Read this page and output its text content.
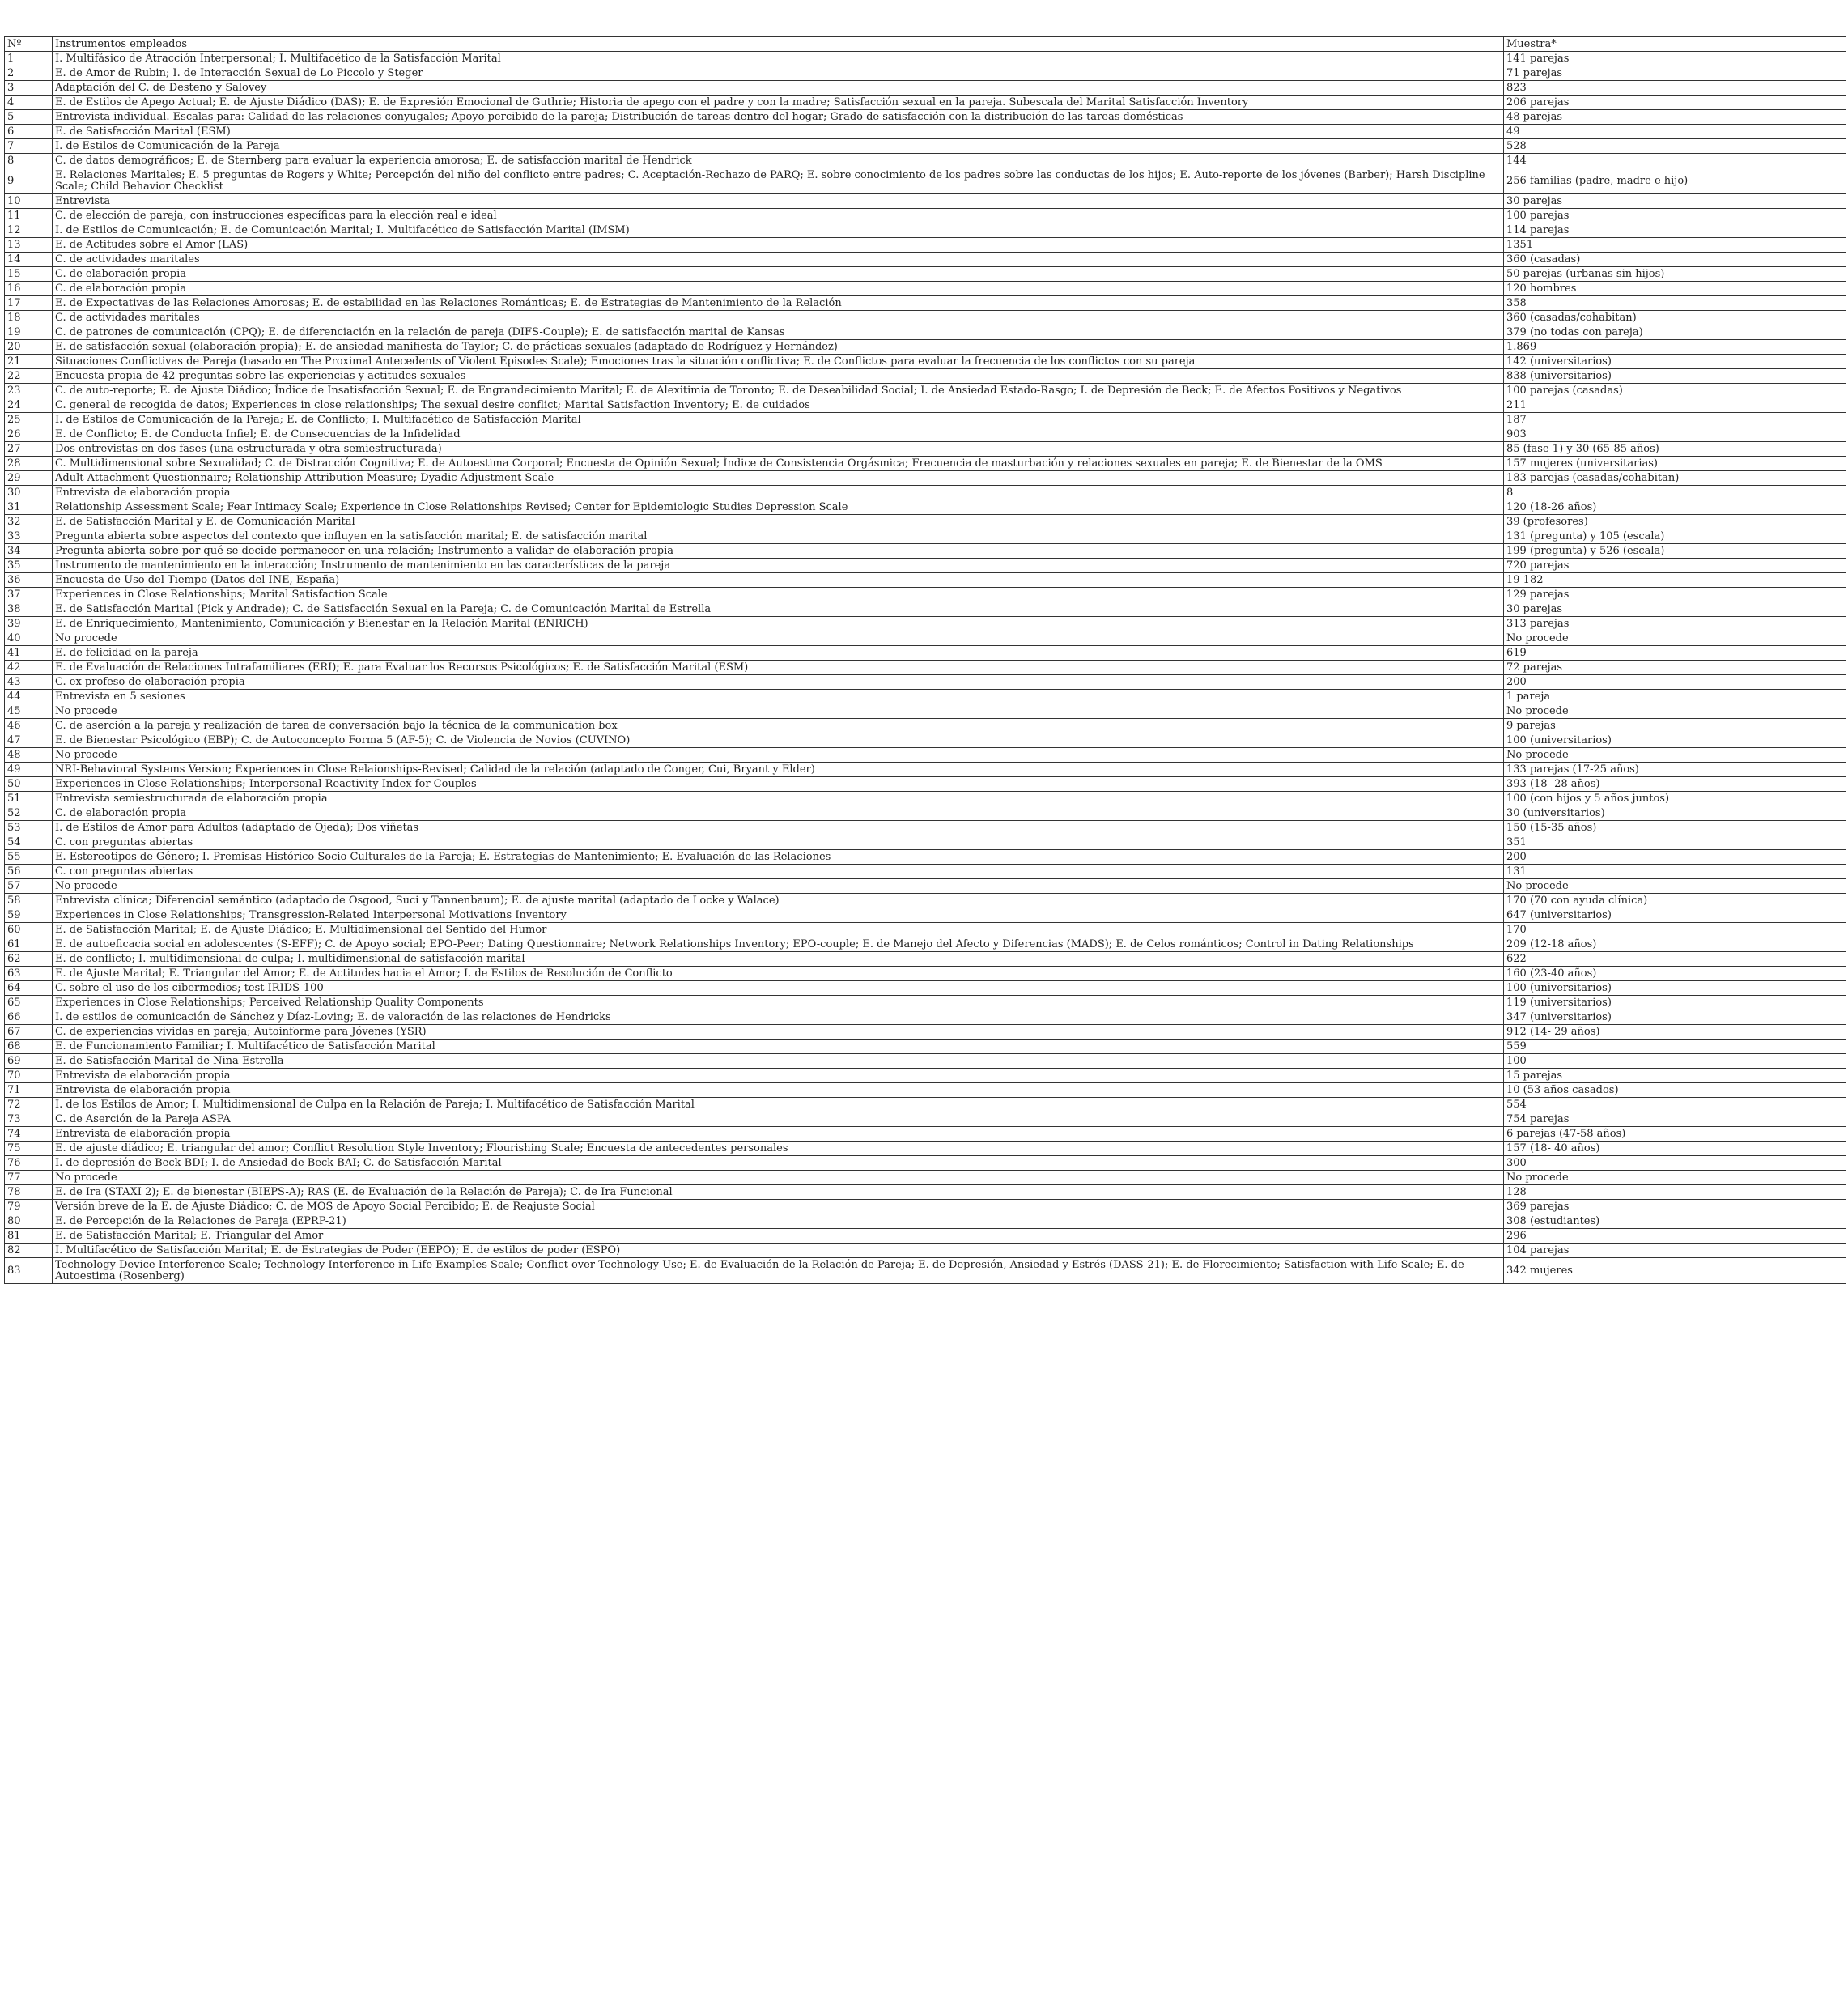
Nº	Instrumentos empleados	Muestra*
1	I. Multifásico de Atracción Interpersonal; I. Multifacético de la Satisfacción Marital	141 parejas
2	E. de Amor de Rubin; I. de Interacción Sexual de Lo Piccolo y Steger	71 parejas
3	Adaptación del C. de Desteno y Salovey	823
4	E. de Estilos de Apego Actual; E. de Ajuste Diádico (DAS); E. de Expresión Emocional de Guthrie; Historia de apego con el padre y con la madre; Satisfacción sexual en la pareja. Subescala del Marital Satisfacción Inventory	206 parejas
5	Entrevista individual. Escalas para: Calidad de las relaciones conyugales; Apoyo percibido de la pareja; Distribución de tareas dentro del hogar; Grado de satisfacción con la distribución de las tareas domésticas	48 parejas
6	E. de Satisfacción Marital (ESM)	49
7	I. de Estilos de Comunicación de la Pareja	528
8	C. de datos demográficos; E. de Sternberg para evaluar la experiencia amorosa; E. de satisfacción marital de Hendrick	144
9	E. Relaciones Maritales; E. 5 preguntas de Rogers y White; Percepción del niño del conflicto entre padres; C. Aceptación-Rechazo de PARQ; E. sobre conocimiento de los padres sobre las conductas de los hijos; E. Auto-reporte de los jóvenes (Barber); Harsh Discipline Scale; Child Behavior Checklist	256 familias (padre, madre e hijo)
10	Entrevista	30 parejas
11	C. de elección de pareja, con instrucciones específicas para la elección real e ideal	100 parejas
12	I. de Estilos de Comunicación; E. de Comunicación Marital; I. Multifacético de Satisfacción Marital (IMSM)	114 parejas
13	E. de Actitudes sobre el Amor (LAS)	1351
14	C. de actividades maritales	360 (casadas)
15	C. de elaboración propia	50 parejas (urbanas sin hijos)
16	C. de elaboración propia	120 hombres
17	E. de Expectativas de las Relaciones Amorosas; E. de estabilidad en las Relaciones Románticas; E. de Estrategias de Mantenimiento de la Relación	358
18	C. de actividades maritales	360 (casadas/cohabitan)
19	C. de patrones de comunicación (CPQ); E. de diferenciación en la relación de pareja (DIFS-Couple); E. de satisfacción marital de Kansas	379 (no todas con pareja)
20	E. de satisfacción sexual (elaboración propia); E. de ansiedad manifiesta de Taylor; C. de prácticas sexuales (adaptado de Rodríguez y Hernández)	1.869
21	Situaciones Conflictivas de Pareja (basado en The Proximal Antecedents of Violent Episodes Scale); Emociones tras la situación conflictiva; E. de Conflictos para evaluar la frecuencia de los conflictos con su pareja	142 (universitarios)
22	Encuesta propia de 42 preguntas sobre las experiencias y actitudes sexuales	838 (universitarios)
23	C. de auto-reporte; E. de Ajuste Diádico; Índice de Insatisfacción Sexual; E. de Engrandecimiento Marital; E. de Alexitimia de Toronto; E. de Deseabilidad Social; I. de Ansiedad Estado-Rasgo; I. de Depresión de Beck; E. de Afectos Positivos y Negativos	100 parejas (casadas)
24	C. general de recogida de datos; Experiences in close relationships; The sexual desire conflict; Marital Satisfaction Inventory; E. de cuidados	211
25	I. de Estilos de Comunicación de la Pareja; E. de Conflicto; I. Multifacético de Satisfacción Marital	187
26	E. de Conflicto; E. de Conducta Infiel; E. de Consecuencias de la Infidelidad	903
27	Dos entrevistas en dos fases (una estructurada y otra semiestructurada)	85 (fase 1) y 30 (65-85 años)
28	C. Multidimensional sobre Sexualidad; C. de Distracción Cognitiva; E. de Autoestima Corporal; Encuesta de Opinión Sexual; Índice de Consistencia Orgásmica; Frecuencia de masturbación y relaciones sexuales en pareja; E. de Bienestar de la OMS	157 mujeres (universitarias)
29	Adult Attachment Questionnaire; Relationship Attribution Measure; Dyadic Adjustment Scale	183 parejas (casadas/cohabitan)
30	Entrevista de elaboración propia	8
31	Relationship Assessment Scale; Fear Intimacy Scale; Experience in Close Relationships Revised; Center for Epidemiologic Studies Depression Scale	120 (18-26 años)
32	E. de Satisfacción Marital y E. de Comunicación Marital	39 (profesores)
33	Pregunta abierta sobre aspectos del contexto que influyen en la satisfacción marital; E. de satisfacción marital	131 (pregunta) y 105 (escala)
34	Pregunta abierta sobre por qué se decide permanecer en una relación; Instrumento a validar de elaboración propia	199 (pregunta) y 526 (escala)
35	Instrumento de mantenimiento en la interacción; Instrumento de mantenimiento en las características de la pareja	720 parejas
36	Encuesta de Uso del Tiempo (Datos del INE, España)	19 182
37	Experiences in Close Relationships; Marital Satisfaction Scale	129 parejas
38	E. de Satisfacción Marital (Pick y Andrade); C. de Satisfacción Sexual en la Pareja; C. de Comunicación Marital de Estrella	30 parejas
39	E. de Enriquecimiento, Mantenimiento, Comunicación y Bienestar en la Relación Marital (ENRICH)	313 parejas
40	No procede	No procede
41	E. de felicidad en la pareja	619
42	E. de Evaluación de Relaciones Intrafamiliares (ERI); E. para Evaluar los Recursos Psicológicos; E. de Satisfacción Marital (ESM)	72 parejas
43	C. ex profeso de elaboración propia	200
44	Entrevista en 5 sesiones	1 pareja
45	No procede	No procede
46	C. de aserción a la pareja y realización de tarea de conversación bajo la técnica de la communication box	9 parejas
47	E. de Bienestar Psicológico (EBP); C. de Autoconcepto Forma 5 (AF-5); C. de Violencia de Novios (CUVINO)	100 (universitarios)
48	No procede	No procede
49	NRI-Behavioral Systems Version; Experiences in Close Relaionships-Revised; Calidad de la relación (adaptado de Conger, Cui, Bryant y Elder)	133 parejas (17-25 años)
50	Experiences in Close Relationships; Interpersonal Reactivity Index for Couples	393 (18- 28 años)
51	Entrevista semiestructurada de elaboración propia	100 (con hijos y 5 años juntos)
52	C. de elaboración propia	30 (universitarios)
53	I. de Estilos de Amor para Adultos (adaptado de Ojeda); Dos viñetas	150 (15-35 años)
54	C. con preguntas abiertas	351
55	E. Estereotipos de Género; I. Premisas Histórico Socio Culturales de la Pareja; E. Estrategias de Mantenimiento; E. Evaluación de las Relaciones	200
56	C. con preguntas abiertas	131
57	No procede	No procede
58	Entrevista clínica; Diferencial semántico (adaptado de Osgood, Suci y Tannenbaum); E. de ajuste marital (adaptado de Locke y Walace)	170 (70 con ayuda clínica)
59	Experiences in Close Relationships; Transgression-Related Interpersonal Motivations Inventory	647 (universitarios)
60	E. de Satisfacción Marital; E. de Ajuste Diádico; E. Multidimensional del Sentido del Humor	170
61	E. de autoeficacia social en adolescentes (S-EFF); C. de Apoyo social; EPO-Peer; Dating Questionnaire; Network Relationships Inventory; EPO-couple; E. de Manejo del Afecto y Diferencias (MADS); E. de Celos románticos; Control in Dating Relationships	209 (12-18 años)
62	E. de conflicto; I. multidimensional de culpa; I. multidimensional de satisfacción marital	622
63	E. de Ajuste Marital; E. Triangular del Amor; E. de Actitudes hacia el Amor; I. de Estilos de Resolución de Conflicto	160 (23-40 años)
64	C. sobre el uso de los cibermedios; test IRIDS-100	100 (universitarios)
65	Experiences in Close Relationships; Perceived Relationship Quality Components	119 (universitarios)
66	I. de estilos de comunicación de Sánchez y Díaz-Loving; E. de valoración de las relaciones de Hendricks	347 (universitarios)
67	C. de experiencias vividas en pareja; Autoinforme para Jóvenes (YSR)	912 (14- 29 años)
68	E. de Funcionamiento Familiar; I. Multifacético de Satisfacción Marital	559
69	E. de Satisfacción Marital de Nina-Estrella	100
70	Entrevista de elaboración propia	15 parejas
71	Entrevista de elaboración propia	10 (53 años casados)
72	I. de los Estilos de Amor; I. Multidimensional de Culpa en la Relación de Pareja; I. Multifacético de Satisfacción Marital	554
73	C. de Aserción de la Pareja ASPA	754 parejas
74	Entrevista de elaboración propia	6 parejas (47-58 años)
75	E. de ajuste diádico; E. triangular del amor; Conflict Resolution Style Inventory; Flourishing Scale; Encuesta de antecedentes personales	157 (18- 40 años)
76	I. de depresión de Beck BDI; I. de Ansiedad de Beck BAI; C. de Satisfacción Marital	300
77	No procede	No procede
78	E. de Ira (STAXI 2); E. de bienestar (BIEPS-A); RAS (E. de Evaluación de la Relación de Pareja); C. de Ira Funcional	128
79	Versión breve de la E. de Ajuste Diádico; C. de MOS de Apoyo Social Percibido; E. de Reajuste Social	369 parejas
80	E. de Percepción de la Relaciones de Pareja (EPRP-21)	308 (estudiantes)
81	E. de Satisfacción Marital; E. Triangular del Amor	296
82	I. Multifacético de Satisfacción Marital; E. de Estrategias de Poder (EEPO); E. de estilos de poder (ESPO)	104 parejas
83	Technology Device Interference Scale; Technology Interference in Life Examples Scale; Conflict over Technology Use; E. de Evaluación de la Relación de Pareja; E. de Depresión, Ansiedad y Estrés (DASS-21); E. de Florecimiento; Satisfaction with Life Scale; E. de Autoestima (Rosenberg)	342 mujeres
